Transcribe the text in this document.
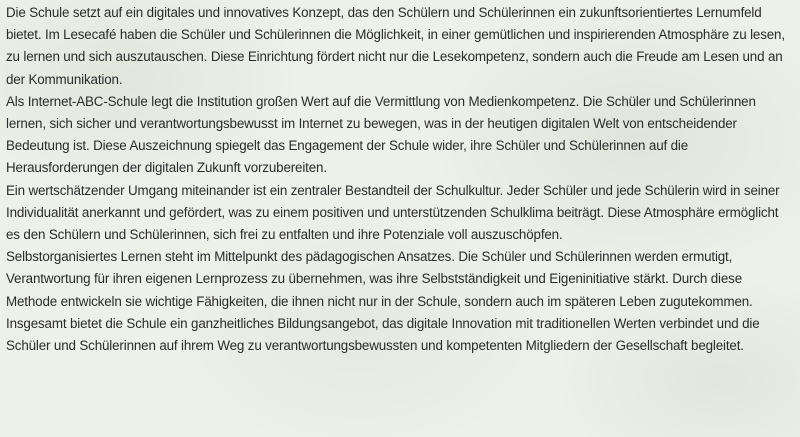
Die Schule setzt auf ein digitales und innovatives Konzept, das den Schülern und Schülerinnen ein zukunftsorientiertes Lernumfeld bietet. Im Lesecafé haben die Schüler und Schülerinnen die Möglichkeit, in einer gemütlichen und inspirierenden Atmosphäre zu lesen, zu lernen und sich auszutauschen. Diese Einrichtung fördert nicht nur die Lesekompetenz, sondern auch die Freude am Lesen und an der Kommunikation.

Als Internet-ABC-Schule legt die Institution großen Wert auf die Vermittlung von Medienkompetenz. Die Schüler und Schülerinnen lernen, sich sicher und verantwortungsbewusst im Internet zu bewegen, was in der heutigen digitalen Welt von entscheidender Bedeutung ist. Diese Auszeichnung spiegelt das Engagement der Schule wider, ihre Schüler und Schülerinnen auf die Herausforderungen der digitalen Zukunft vorzubereiten.

Ein wertschätzender Umgang miteinander ist ein zentraler Bestandteil der Schulkultur. Jeder Schüler und jede Schülerin wird in seiner Individualität anerkannt und gefördert, was zu einem positiven und unterstützenden Schulklima beiträgt. Diese Atmosphäre ermöglicht es den Schülern und Schülerinnen, sich frei zu entfalten und ihre Potenziale voll auszuschöpfen.

Selbstorganisiertes Lernen steht im Mittelpunkt des pädagogischen Ansatzes. Die Schüler und Schülerinnen werden ermutigt, Verantwortung für ihren eigenen Lernprozess zu übernehmen, was ihre Selbstständigkeit und Eigeninitiative stärkt. Durch diese Methode entwickeln sie wichtige Fähigkeiten, die ihnen nicht nur in der Schule, sondern auch im späteren Leben zugutekommen.

Insgesamt bietet die Schule ein ganzheitliches Bildungsangebot, das digitale Innovation mit traditionellen Werten verbindet und die Schüler und Schülerinnen auf ihrem Weg zu verantwortungsbewussten und kompetenten Mitgliedern der Gesellschaft begleitet.
